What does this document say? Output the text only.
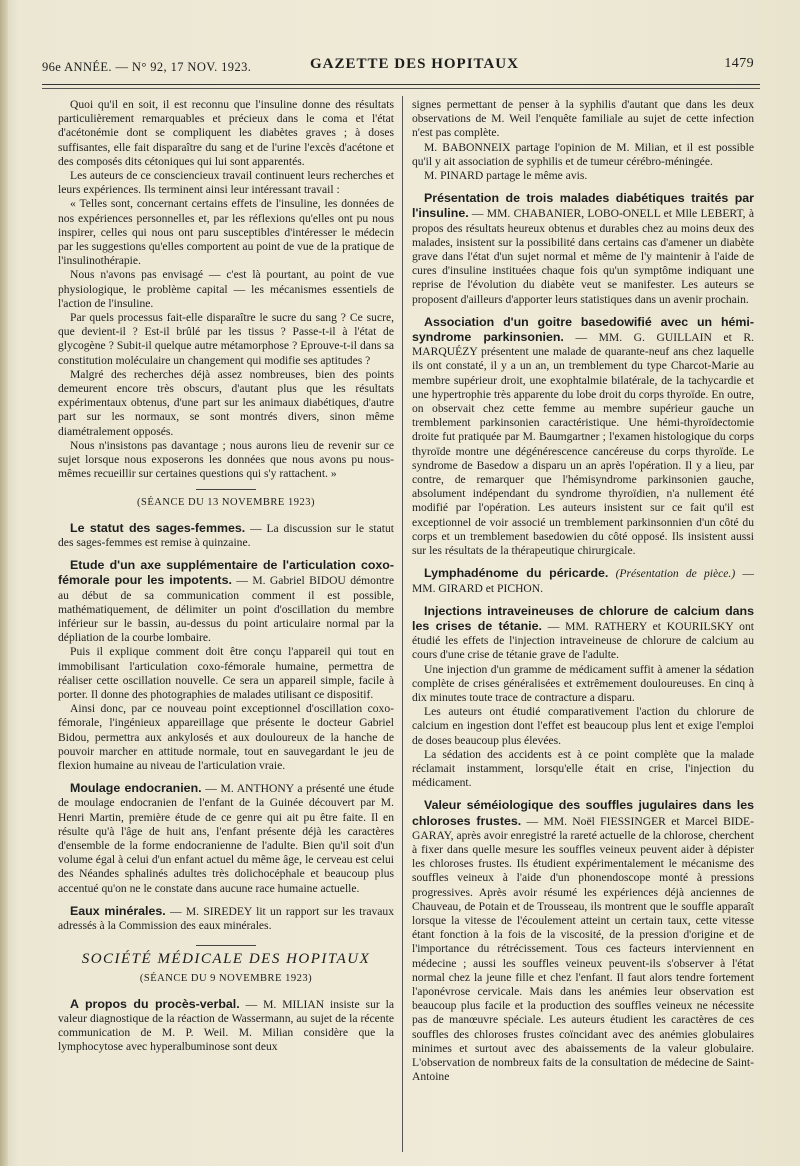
96e ANNÉE. — N° 92, 17 NOV. 1923.	GAZETTE DES HOPITAUX	1479

Quoi qu'il en soit, il est reconnu que l'insuline donne des résultats particulièrement remarquables et précieux dans le coma et l'état d'acétonémie dont se compliquent les diabètes graves ; à doses suffisantes, elle fait disparaître du sang et de l'urine l'excès d'acétone et des composés dits cétoniques qui lui sont apparentés.

Les auteurs de ce consciencieux travail continuent leurs recherches et leurs expériences. Ils terminent ainsi leur intéressant travail :

« Telles sont, concernant certains effets de l'insuline, les données de nos expériences personnelles et, par les réflexions qu'elles ont pu nous inspirer, celles qui nous ont paru susceptibles d'intéresser le médecin par les suggestions qu'elles comportent au point de vue de la pratique de l'insulinothérapie.

Nous n'avons pas envisagé — c'est là pourtant, au point de vue physiologique, le problème capital — les mécanismes essentiels de l'action de l'insuline.

Par quels processus fait-elle disparaître le sucre du sang ? Ce sucre, que devient-il ? Est-il brûlé par les tissus ? Passe-t-il à l'état de glycogène ? Subit-il quelque autre métamorphose ? Eprouve-t-il dans sa constitution moléculaire un changement qui modifie ses aptitudes ?

Malgré des recherches déjà assez nombreuses, bien des points demeurent encore très obscurs, d'autant plus que les résultats expérimentaux obtenus, d'une part sur les animaux diabétiques, d'autre part sur les normaux, se sont montrés divers, sinon même diamétralement opposés.

Nous n'insistons pas davantage ; nous aurons lieu de revenir sur ce sujet lorsque nous exposerons les données que nous avons pu nous-mêmes recueillir sur certaines questions qui s'y rattachent. »

(SÉANCE DU 13 NOVEMBRE 1923)

Le statut des sages-femmes. — La discussion sur le statut des sages-femmes est remise à quinzaine.

Etude d'un axe supplémentaire de l'articulation coxo-fémorale pour les impotents. — M. Gabriel BIDOU démontre au début de sa communication comment il est possible, mathématiquement, de délimiter un point d'oscillation du membre inférieur sur le bassin, au-dessus du point articulaire normal par la dépliation de la courbe lombaire.

Puis il explique comment doit être conçu l'appareil qui tout en immobilisant l'articulation coxo-fémorale humaine, permettra de réaliser cette oscillation nouvelle. Ce sera un appareil simple, facile à porter. Il donne des photographies de malades utilisant ce dispositif.

Ainsi donc, par ce nouveau point exceptionnel d'oscillation coxo-fémorale, l'ingénieux appareillage que présente le docteur Gabriel Bidou, permettra aux ankylosés et aux douloureux de la hanche de pouvoir marcher en attitude normale, tout en sauvegardant le jeu de flexion humaine au niveau de l'articulation vraie.

Moulage endocranien. — M. ANTHONY a présenté une étude de moulage endocranien de l'enfant de la Guinée découvert par M. Henri Martin, première étude de ce genre qui ait pu être faite. Il en résulte qu'à l'âge de huit ans, l'enfant présente déjà les caractères d'ensemble de la forme endocranienne de l'adulte. Bien qu'il soit d'un volume égal à celui d'un enfant actuel du même âge, le cerveau est celui des Néandes sphalinés adultes très dolichocéphale et beaucoup plus accentué qu'on ne le constate dans aucune race humaine actuelle.

Eaux minérales. — M. SIREDEY lit un rapport sur les travaux adressés à la Commission des eaux minérales.

SOCIÉTÉ MÉDICALE DES HOPITAUX
(SÉANCE DU 9 NOVEMBRE 1923)

A propos du procès-verbal. — M. MILIAN insiste sur la valeur diagnostique de la réaction de Wassermann, au sujet de la récente communication de M. P. Weil. M. Milian considère que la lymphocytose avec hyperalbuminose sont deux

signes permettant de penser à la syphilis d'autant que dans les deux observations de M. Weil l'enquête familiale au sujet de cette infection n'est pas complète.

M. BABONNEIX partage l'opinion de M. Milian, et il est possible qu'il y ait association de syphilis et de tumeur cérébro-méningée.

M. PINARD partage le même avis.

Présentation de trois malades diabétiques traités par l'insuline. — MM. CHABANIER, LOBO-ONELL et Mlle LEBERT, à propos des résultats heureux obtenus et durables chez au moins deux des malades, insistent sur la possibilité dans certains cas d'amener un diabète grave dans l'état d'un sujet normal et même de l'y maintenir à l'aide de cures d'insuline instituées chaque fois qu'un symptôme indiquant une reprise de l'évolution du diabète veut se manifester. Les auteurs se proposent d'ailleurs d'apporter leurs statistiques dans un avenir prochain.

Association d'un goitre basedowifié avec un hémi-syndrome parkinsonien. — MM. G. GUILLAIN et R. MARQUÉZY présentent une malade de quarante-neuf ans chez laquelle ils ont constaté, il y a un an, un tremblement du type Charcot-Marie au membre supérieur droit, une exophtalmie bilatérale, de la tachycardie et une hypertrophie très apparente du lobe droit du corps thyroïde. En outre, on observait chez cette femme au membre supérieur gauche un tremblement parkinsonien caractéristique. Une hémi-thyroïdectomie droite fut pratiquée par M. Baumgartner ; l'examen histologique du corps thyroïde montre une dégénérescence cancéreuse du corps thyroïde. Le syndrome de Basedow a disparu un an après l'opération. Il y a lieu, par contre, de remarquer que l'hémisyndrome parkinsonien gauche, absolument indépendant du syndrome thyroïdien, n'a nullement été modifié par l'opération. Les auteurs insistent sur ce fait qu'il est exceptionnel de voir associé un tremblement parkinsonnien d'un côté du corps et un tremblement basedowien du côté opposé. Ils insistent aussi sur les résultats de la thérapeutique chirurgicale.

Lymphadénome du péricarde. (Présentation de pièce.) — MM. GIRARD et PICHON.

Injections intraveineuses de chlorure de calcium dans les crises de tétanie. — MM. RATHERY et KOURILSKY ont étudié les effets de l'injection intraveineuse de chlorure de calcium au cours d'une crise de tétanie grave de l'adulte.

Une injection d'un gramme de médicament suffit à amener la sédation complète de crises généralisées et extrêmement douloureuses. En cinq à dix minutes toute trace de contracture a disparu.

Les auteurs ont étudié comparativement l'action du chlorure de calcium en ingestion dont l'effet est beaucoup plus lent et exige l'emploi de doses beaucoup plus élevées.

La sédation des accidents est à ce point complète que la malade réclamait instamment, lorsqu'elle était en crise, l'injection du médicament.

Valeur séméiologique des souffles jugulaires dans les chloroses frustes. — MM. Noël FIESSINGER et Marcel BIDE-GARAY, après avoir enregistré la rareté actuelle de la chlorose, cherchent à fixer dans quelle mesure les souffles veineux peuvent aider à dépister les chloroses frustes. Ils étudient expérimentalement le mécanisme des souffles veineux à l'aide d'un phonendoscope monté à pressions progressives. Après avoir résumé les expériences déjà anciennes de Chauveau, de Potain et de Trousseau, ils montrent que le souffle apparaît lorsque la vitesse de l'écoulement atteint un certain taux, cette vitesse étant fonction à la fois de la viscosité, de la pression d'origine et de l'importance du rétrécissement. Tous ces facteurs interviennent en médecine ; aussi les souffles veineux peuvent-ils s'observer à l'état normal chez la jeune fille et chez l'enfant. Il faut alors tendre fortement l'aponévrose cervicale. Mais dans les anémies leur observation est beaucoup plus facile et la production des souffles veineux ne nécessite pas de manœuvre spéciale. Les auteurs étudient les caractères de ces souffles des chloroses frustes coïncidant avec des anémies globulaires minimes et surtout avec des abaissements de la valeur globulaire. L'observation de nombreux faits de la consultation de médecine de Saint-Antoine
